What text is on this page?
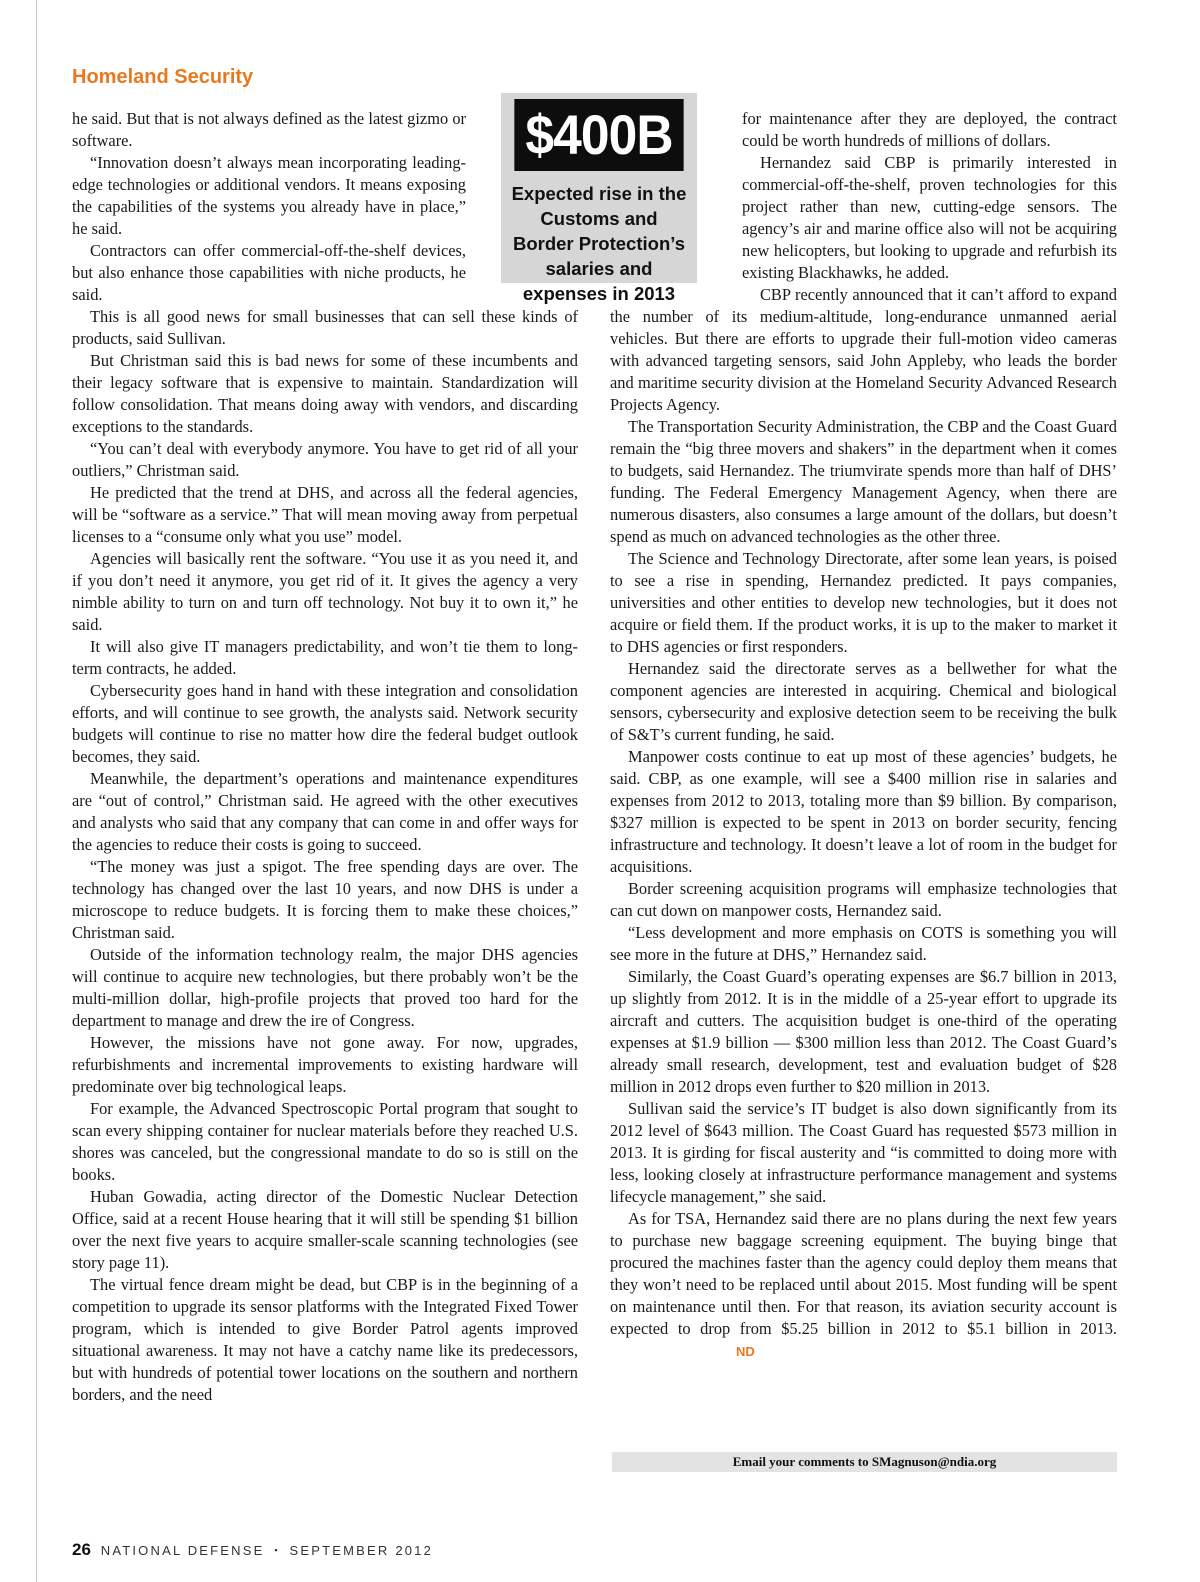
Homeland Security

he said. But that is not always defined as the latest gizmo or software.

“Innovation doesn’t always mean incorporating leading-edge technologies or additional vendors. It means exposing the capabilities of the systems you already have in place,” he said.

Contractors can offer commercial-off-the-shelf devices, but also enhance those capabilities with niche products, he said.

This is all good news for small businesses that can sell these kinds of products, said Sullivan.

But Christman said this is bad news for some of these incumbents and their legacy software that is expensive to maintain. Standardization will follow consolidation. That means doing away with vendors, and discarding exceptions to the standards.

“You can’t deal with everybody anymore. You have to get rid of all your outliers,” Christman said.

He predicted that the trend at DHS, and across all the federal agencies, will be “software as a service.” That will mean moving away from perpetual licenses to a “consume only what you use” model.

Agencies will basically rent the software. “You use it as you need it, and if you don’t need it anymore, you get rid of it. It gives the agency a very nimble ability to turn on and turn off technology. Not buy it to own it,” he said.

It will also give IT managers predictability, and won’t tie them to long-term contracts, he added.

Cybersecurity goes hand in hand with these integration and consolidation efforts, and will continue to see growth, the analysts said. Network security budgets will continue to rise no matter how dire the federal budget outlook becomes, they said.

Meanwhile, the department’s operations and maintenance expenditures are “out of control,” Christman said. He agreed with the other executives and analysts who said that any company that can come in and offer ways for the agencies to reduce their costs is going to succeed.

“The money was just a spigot. The free spending days are over. The technology has changed over the last 10 years, and now DHS is under a microscope to reduce budgets. It is forcing them to make these choices,” Christman said.

Outside of the information technology realm, the major DHS agencies will continue to acquire new technologies, but there probably won’t be the multi-million dollar, high-profile projects that proved too hard for the department to manage and drew the ire of Congress.

However, the missions have not gone away. For now, upgrades, refurbishments and incremental improvements to existing hardware will predominate over big technological leaps.

For example, the Advanced Spectroscopic Portal program that sought to scan every shipping container for nuclear materials before they reached U.S. shores was canceled, but the congressional mandate to do so is still on the books.

Huban Gowadia, acting director of the Domestic Nuclear Detection Office, said at a recent House hearing that it will still be spending $1 billion over the next five years to acquire smaller-scale scanning technologies (see story page 11).

The virtual fence dream might be dead, but CBP is in the beginning of a competition to upgrade its sensor platforms with the Integrated Fixed Tower program, which is intended to give Border Patrol agents improved situational awareness. It may not have a catchy name like its predecessors, but with hundreds of potential tower locations on the southern and northern borders, and the need

$400B
Expected rise in the Customs and Border Protection’s salaries and expenses in 2013

for maintenance after they are deployed, the contract could be worth hundreds of millions of dollars.

Hernandez said CBP is primarily interested in commercial-off-the-shelf, proven technologies for this project rather than new, cutting-edge sensors. The agency’s air and marine office also will not be acquiring new helicopters, but looking to upgrade and refurbish its existing Blackhawks, he added.

CBP recently announced that it can’t afford to expand the number of its medium-altitude, long-endurance unmanned aerial vehicles. But there are efforts to upgrade their full-motion video cameras with advanced targeting sensors, said John Appleby, who leads the border and maritime security division at the Homeland Security Advanced Research Projects Agency.

The Transportation Security Administration, the CBP and the Coast Guard remain the “big three movers and shakers” in the department when it comes to budgets, said Hernandez. The triumvirate spends more than half of DHS’ funding. The Federal Emergency Management Agency, when there are numerous disasters, also consumes a large amount of the dollars, but doesn’t spend as much on advanced technologies as the other three.

The Science and Technology Directorate, after some lean years, is poised to see a rise in spending, Hernandez predicted. It pays companies, universities and other entities to develop new technologies, but it does not acquire or field them. If the product works, it is up to the maker to market it to DHS agencies or first responders.

Hernandez said the directorate serves as a bellwether for what the component agencies are interested in acquiring. Chemical and biological sensors, cybersecurity and explosive detection seem to be receiving the bulk of S&T’s current funding, he said.

Manpower costs continue to eat up most of these agencies’ budgets, he said. CBP, as one example, will see a $400 million rise in salaries and expenses from 2012 to 2013, totaling more than $9 billion. By comparison, $327 million is expected to be spent in 2013 on border security, fencing infrastructure and technology. It doesn’t leave a lot of room in the budget for acquisitions.

Border screening acquisition programs will emphasize technologies that can cut down on manpower costs, Hernandez said.

“Less development and more emphasis on COTS is something you will see more in the future at DHS,” Hernandez said.

Similarly, the Coast Guard’s operating expenses are $6.7 billion in 2013, up slightly from 2012. It is in the middle of a 25-year effort to upgrade its aircraft and cutters. The acquisition budget is one-third of the operating expenses at $1.9 billion — $300 million less than 2012. The Coast Guard’s already small research, development, test and evaluation budget of $28 million in 2012 drops even further to $20 million in 2013.

Sullivan said the service’s IT budget is also down significantly from its 2012 level of $643 million. The Coast Guard has requested $573 million in 2013. It is girding for fiscal austerity and “is committed to doing more with less, looking closely at infrastructure performance management and systems lifecycle management,” she said.

As for TSA, Hernandez said there are no plans during the next few years to purchase new baggage screening equipment. The buying binge that procured the machines faster than the agency could deploy them means that they won’t need to be replaced until about 2015. Most funding will be spent on maintenance until then. For that reason, its aviation security account is expected to drop from $5.25 billion in 2012 to $5.1 billion in 2013.ND

Email your comments to SMagnuson@ndia.org
26 NATIONAL DEFENSE ▪ SEPTEMBER 2012
